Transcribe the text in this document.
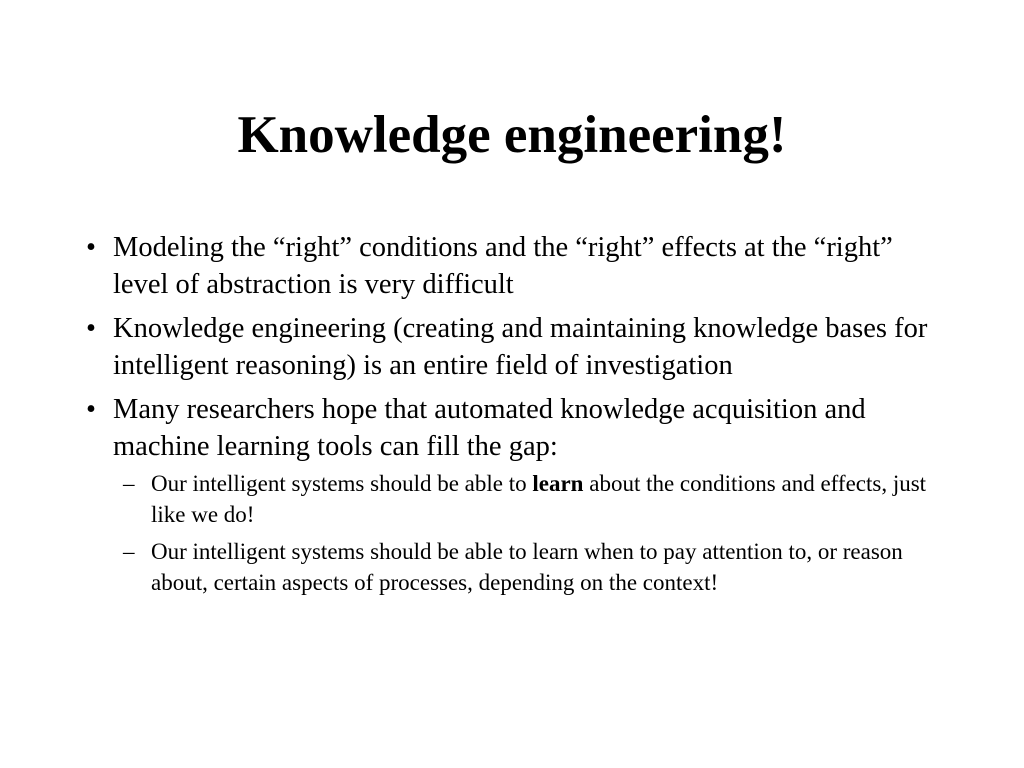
Knowledge engineering!
• Modeling the “right” conditions and the “right” effects at the “right” level of abstraction is very difficult
• Knowledge engineering (creating and maintaining knowledge bases for intelligent reasoning) is an entire field of investigation
• Many researchers hope that automated knowledge acquisition and machine learning tools can fill the gap:
– Our intelligent systems should be able to learn about the conditions and effects, just like we do!
– Our intelligent systems should be able to learn when to pay attention to, or reason about, certain aspects of processes, depending on the context!
